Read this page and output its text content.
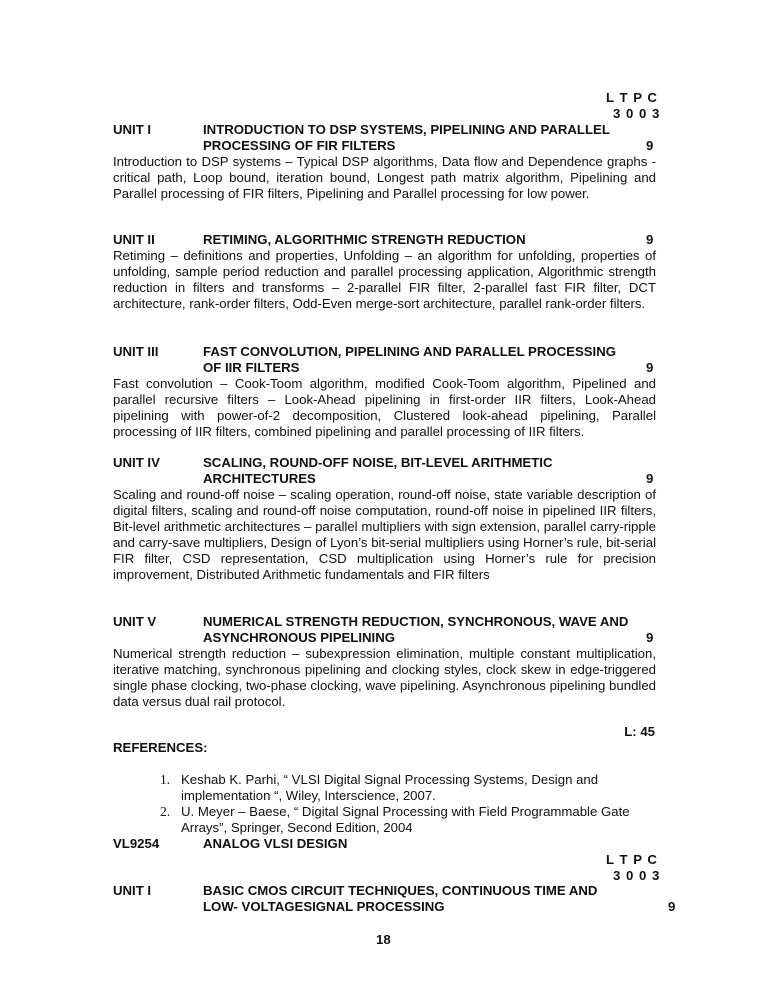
L T P C
3 0 0 3
UNIT I	INTRODUCTION TO DSP SYSTEMS, PIPELINING AND PARALLEL
PROCESSING OF FIR FILTERS	9
Introduction to DSP systems – Typical DSP algorithms, Data flow and Dependence graphs - critical path, Loop bound, iteration bound, Longest path matrix algorithm, Pipelining and Parallel processing of FIR filters, Pipelining and Parallel processing for low power.
UNIT II	RETIMING, ALGORITHMIC STRENGTH REDUCTION	9
Retiming – definitions and properties, Unfolding – an algorithm for unfolding, properties of unfolding, sample period reduction and parallel processing application, Algorithmic strength reduction in filters and transforms – 2-parallel FIR filter, 2-parallel fast FIR filter, DCT architecture, rank-order filters, Odd-Even merge-sort architecture, parallel rank-order filters.
UNIT III	FAST CONVOLUTION, PIPELINING AND PARALLEL PROCESSING
OF IIR FILTERS	9
Fast convolution – Cook-Toom algorithm, modified Cook-Toom algorithm, Pipelined and parallel recursive filters – Look-Ahead pipelining in first-order IIR filters, Look-Ahead pipelining with power-of-2 decomposition, Clustered look-ahead pipelining, Parallel processing of IIR filters, combined pipelining and parallel processing of IIR filters.
UNIT IV	SCALING, ROUND-OFF NOISE, BIT-LEVEL ARITHMETIC
ARCHITECTURES	9
Scaling and round-off noise – scaling operation, round-off noise, state variable description of digital filters, scaling and round-off noise computation, round-off noise in pipelined IIR filters, Bit-level arithmetic architectures – parallel multipliers with sign extension, parallel carry-ripple and carry-save multipliers, Design of Lyon’s bit-serial multipliers using Horner’s rule, bit-serial FIR filter, CSD representation, CSD multiplication using Horner’s rule for precision improvement, Distributed Arithmetic fundamentals and FIR filters
UNIT V	NUMERICAL STRENGTH REDUCTION, SYNCHRONOUS, WAVE AND
ASYNCHRONOUS PIPELINING	9
Numerical strength reduction – subexpression elimination, multiple constant multiplication, iterative matching, synchronous pipelining and clocking styles, clock skew in edge-triggered single phase clocking, two-phase clocking, wave pipelining. Asynchronous pipelining bundled data versus dual rail protocol.
L: 45
REFERENCES:
1. Keshab K. Parhi, “ VLSI Digital Signal Processing Systems, Design and
implementation “, Wiley, Interscience, 2007.
2. U. Meyer – Baese, “ Digital Signal Processing with Field Programmable Gate
Arrays”, Springer, Second Edition, 2004
VL9254	ANALOG VLSI DESIGN
L T P C
3 0 0 3
UNIT I	BASIC CMOS CIRCUIT TECHNIQUES, CONTINUOUS TIME AND
LOW- VOLTAGESIGNAL PROCESSING	9
18
